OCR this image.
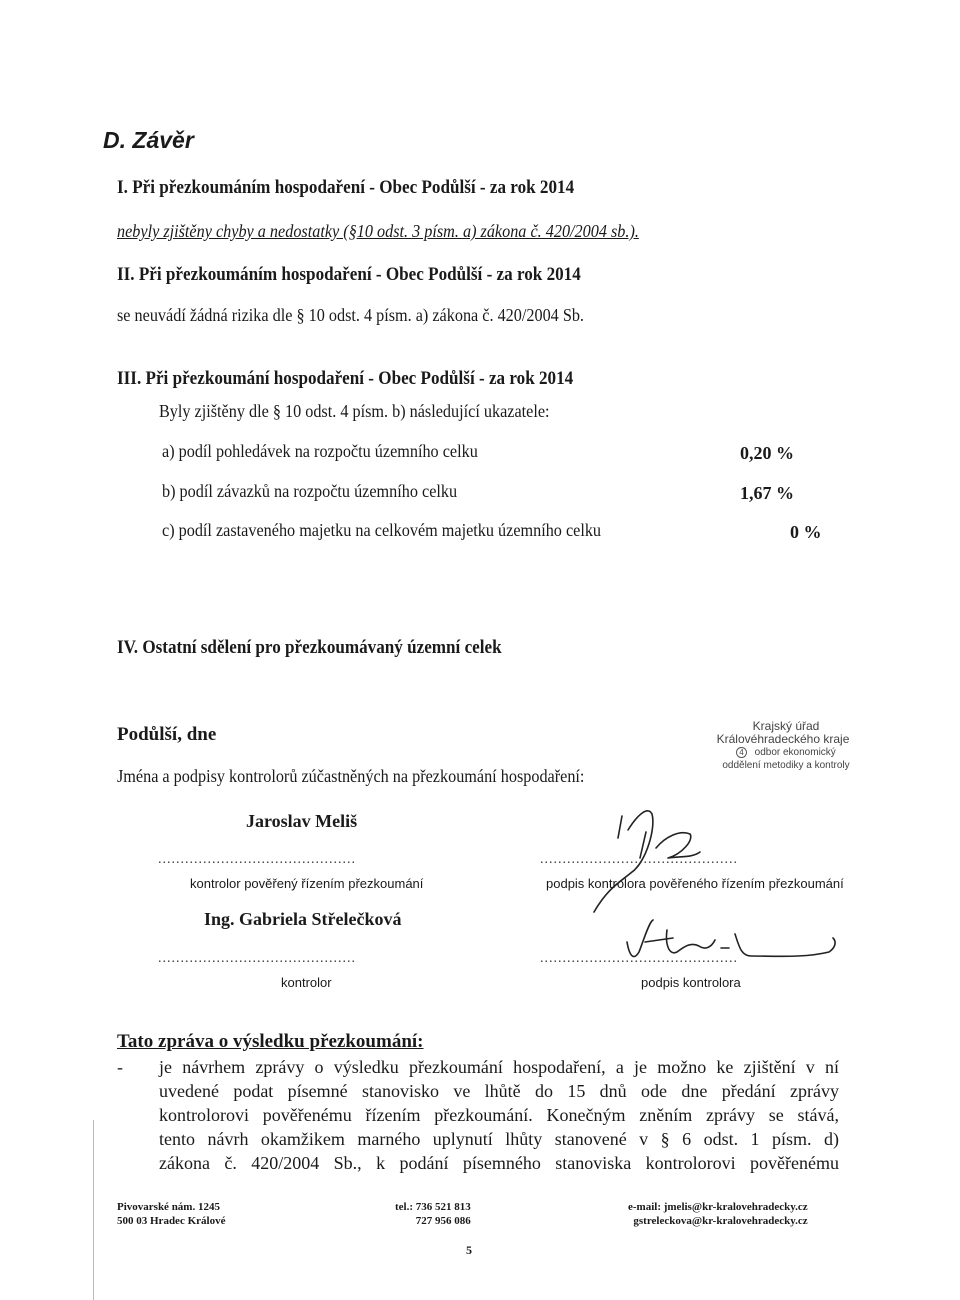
D. Závěr
I. Při přezkoumáním hospodaření - Obec Podůlší - za rok 2014
nebyly zjištěny chyby a nedostatky (§10 odst. 3 písm. a) zákona č. 420/2004 sb.).
II. Při přezkoumáním hospodaření - Obec Podůlší - za rok 2014
se neuvádí žádná rizika dle § 10 odst. 4 písm. a) zákona č. 420/2004 Sb.
III. Při přezkoumání hospodaření - Obec Podůlší - za rok 2014
Byly zjištěny dle § 10 odst. 4 písm. b) následující ukazatele:
a) podíl pohledávek na rozpočtu územního celku	0,20 %
b) podíl závazků na rozpočtu územního celku	1,67 %
c) podíl zastaveného majetku na celkovém majetku územního celku	0 %
IV. Ostatní sdělení pro přezkoumávaný územní celek
Podůlší, dne	Krajský úřad
Královéhradeckého kraje
4 odbor ekonomický
oddělení metodiky a kontroly
Jména a podpisy kontrolorů zúčastněných na přezkoumání hospodaření:
Jaroslav Meliš
............................................
kontrolor pověřený řízením přezkoumání
............................................
podpis kontrolora pověřeného řízením přezkoumání
Ing. Gabriela Střelečková
............................................
kontrolor
............................................
podpis kontrolora
Tato zpráva o výsledku přezkoumání:
- je návrhem zprávy o výsledku přezkoumání hospodaření, a je možno ke zjištění v ní
uvedené podat písemné stanovisko ve lhůtě do 15 dnů ode dne předání zprávy
kontrolorovi pověřenému řízením přezkoumání. Konečným zněním zprávy se stává,
tento návrh okamžikem marného uplynutí lhůty stanovené v § 6 odst. 1 písm. d)
zákona č. 420/2004 Sb., k podání písemného stanoviska kontrolorovi pověřenému
Pivovarské nám. 1245
500 03 Hradec Králové
tel.: 736 521 813
727 956 086
e-mail: jmelis@kr-kralovehradecky.cz
gstreleckova@kr-kralovehradecky.cz
5
